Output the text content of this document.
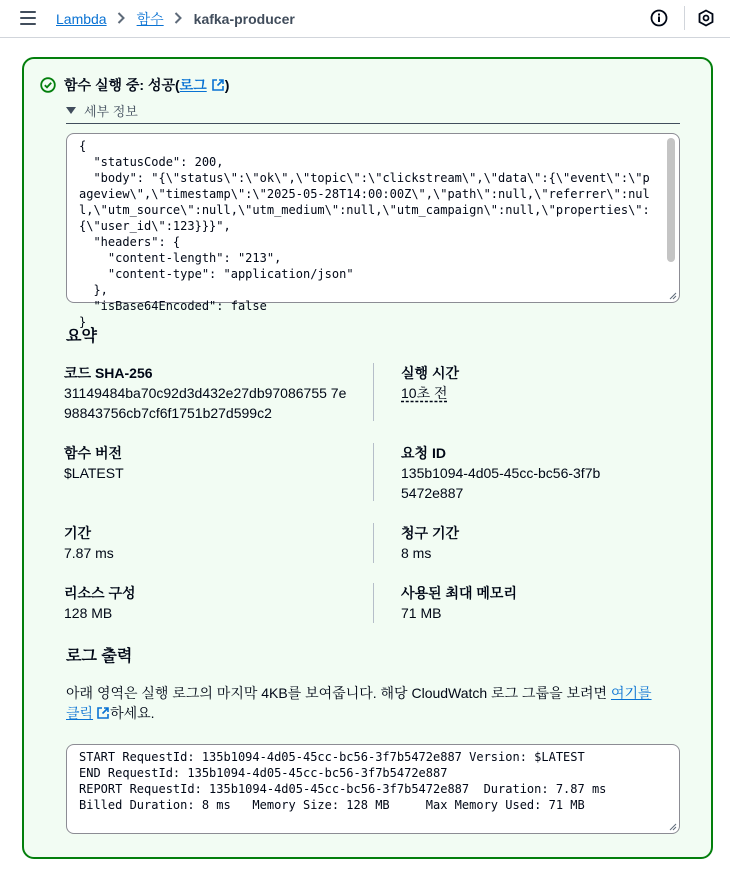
Lambda 함수 kafka-producer
함수 실행 중: 성공( 로그 )
세부 정보
{
"statusCode": 200,
"body": "{\"status\":\"ok\",\"topic\":\"clickstream\",\"data\":{\"event\":\"pageview\",\"timestamp\":\"2025-05-28T14:00:00Z\",\"path\":null,\"referrer\":null,\"utm_source\":null,\"utm_medium\":null,\"utm_campaign\":null,\"properties\":{\"user_id\":123}}}",
"headers": {
"content-length": "213",
"content-type": "application/json"
},
"isBase64Encoded": false
}
요약
코드 SHA-256
31149484ba70c92d3d432e27db97086755 7e98843756cb7cf6f1751b27d599c2
실행 시간
10초 전
함수 버전
$LATEST
요청 ID
135b1094-4d05-45cc-bc56-3f7b5472e887
기간
7.87 ms
청구 기간
8 ms
리소스 구성
128 MB
사용된 최대 메모리
71 MB
로그 출력
아래 영역은 실행 로그의 마지막 4KB를 보여줍니다. 해당 CloudWatch 로그 그룹을 보려면 여기를 클릭 하세요.
START RequestId: 135b1094-4d05-45cc-bc56-3f7b5472e887 Version: $LATEST
END RequestId: 135b1094-4d05-45cc-bc56-3f7b5472e887
REPORT RequestId: 135b1094-4d05-45cc-bc56-3f7b5472e887  Duration: 7.87 ms
Billed Duration: 8 ms   Memory Size: 128 MB     Max Memory Used: 71 MB
